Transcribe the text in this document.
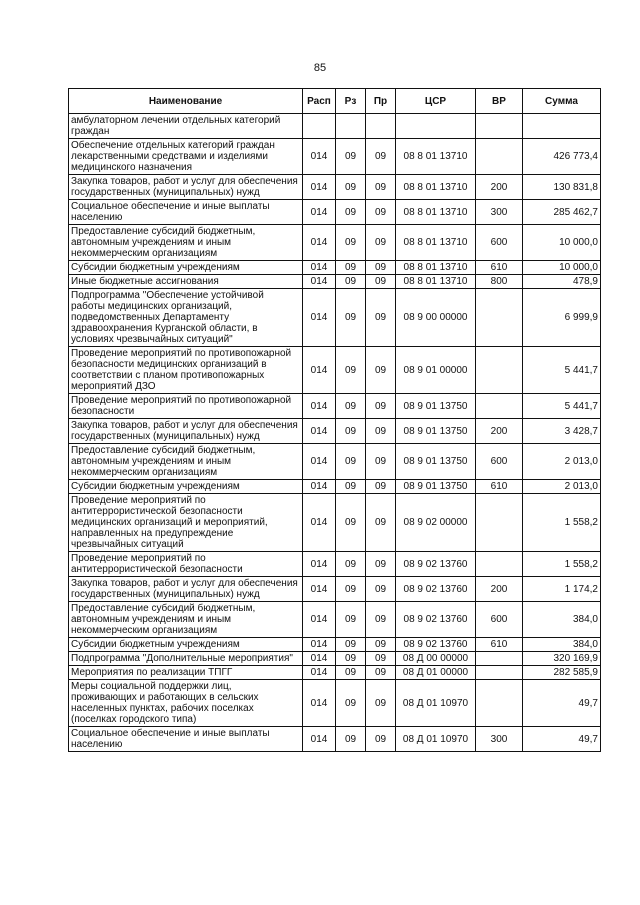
85
Наименование	Расп	Рз	Пр	ЦСР	ВР	Сумма
амбулаторном лечении отдельных категорий граждан						
Обеспечение отдельных категорий граждан лекарственными средствами и изделиями медицинского назначения	014	09	09	08 8 01 13710		426 773,4
Закупка товаров, работ и услуг для обеспечения государственных (муниципальных) нужд	014	09	09	08 8 01 13710	200	130 831,8
Социальное обеспечение и иные выплаты населению	014	09	09	08 8 01 13710	300	285 462,7
Предоставление субсидий бюджетным, автономным учреждениям и иным некоммерческим организациям	014	09	09	08 8 01 13710	600	10 000,0
Субсидии бюджетным учреждениям	014	09	09	08 8 01 13710	610	10 000,0
Иные бюджетные ассигнования	014	09	09	08 8 01 13710	800	478,9
Подпрограмма "Обеспечение устойчивой работы медицинских организаций, подведомственных Департаменту здравоохранения Курганской области, в условиях чрезвычайных ситуаций"	014	09	09	08 9 00 00000		6 999,9
Проведение мероприятий по противопожарной безопасности медицинских организаций в соответствии с планом противопожарных мероприятий ДЗО	014	09	09	08 9 01 00000		5 441,7
Проведение мероприятий по противопожарной безопасности	014	09	09	08 9 01 13750		5 441,7
Закупка товаров, работ и услуг для обеспечения государственных (муниципальных) нужд	014	09	09	08 9 01 13750	200	3 428,7
Предоставление субсидий бюджетным, автономным учреждениям и иным некоммерческим организациям	014	09	09	08 9 01 13750	600	2 013,0
Субсидии бюджетным учреждениям	014	09	09	08 9 01 13750	610	2 013,0
Проведение мероприятий по антитеррористической безопасности медицинских организаций и мероприятий, направленных на предупреждение чрезвычайных ситуаций	014	09	09	08 9 02 00000		1 558,2
Проведение мероприятий по антитеррористической безопасности	014	09	09	08 9 02 13760		1 558,2
Закупка товаров, работ и услуг для обеспечения государственных (муниципальных) нужд	014	09	09	08 9 02 13760	200	1 174,2
Предоставление субсидий бюджетным, автономным учреждениям и иным некоммерческим организациям	014	09	09	08 9 02 13760	600	384,0
Субсидии бюджетным учреждениям	014	09	09	08 9 02 13760	610	384,0
Подпрограмма "Дополнительные мероприятия"	014	09	09	08 Д 00 00000		320 169,9
Мероприятия по реализации ТПГГ	014	09	09	08 Д 01 00000		282 585,9
Меры социальной поддержки лиц, проживающих и работающих в сельских населенных пунктах, рабочих поселках (поселках городского типа)	014	09	09	08 Д 01 10970		49,7
Социальное обеспечение и иные выплаты населению	014	09	09	08 Д 01 10970	300	49,7
